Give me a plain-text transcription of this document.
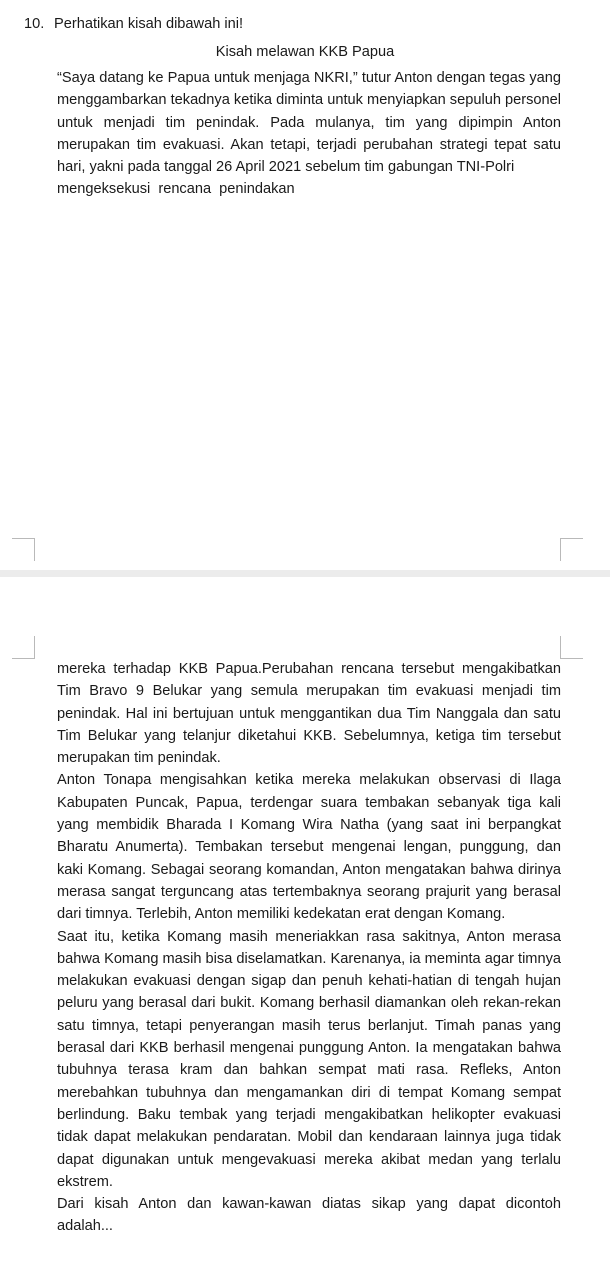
10. Perhatikan kisah dibawah ini!
Kisah melawan KKB Papua

“Saya datang ke Papua untuk menjaga NKRI,” tutur Anton dengan tegas yang menggambarkan tekadnya ketika diminta untuk menyiapkan sepuluh personel untuk menjadi tim penindak. Pada mulanya, tim yang dipimpin Anton merupakan tim evakuasi. Akan tetapi, terjadi perubahan strategi tepat satu hari, yakni pada tanggal 26 April 2021 sebelum tim gabungan TNI-Polri
mengeksekusi rencana penindakan

mereka terhadap KKB Papua.Perubahan rencana tersebut mengakibatkan Tim Bravo 9 Belukar yang semula merupakan tim evakuasi menjadi tim penindak. Hal ini bertujuan untuk menggantikan dua Tim Nanggala dan satu Tim Belukar yang telanjur diketahui KKB. Sebelumnya, ketiga tim tersebut merupakan tim penindak.

Anton Tonapa mengisahkan ketika mereka melakukan observasi di Ilaga Kabupaten Puncak, Papua, terdengar suara tembakan sebanyak tiga kali yang membidik Bharada I Komang Wira Natha (yang saat ini berpangkat Bharatu Anumerta). Tembakan tersebut mengenai lengan, punggung, dan kaki Komang. Sebagai seorang komandan, Anton mengatakan bahwa dirinya merasa sangat terguncang atas tertembaknya seorang prajurit yang berasal dari timnya. Terlebih, Anton memiliki kedekatan erat dengan Komang.

Saat itu, ketika Komang masih meneriakkan rasa sakitnya, Anton merasa bahwa Komang masih bisa diselamatkan. Karenanya, ia meminta agar timnya melakukan evakuasi dengan sigap dan penuh kehati-hatian di tengah hujan peluru yang berasal dari bukit. Komang berhasil diamankan oleh rekan-rekan satu timnya, tetapi penyerangan masih terus berlanjut. Timah panas yang berasal dari KKB berhasil mengenai punggung Anton. Ia mengatakan bahwa tubuhnya terasa kram dan bahkan sempat mati rasa. Refleks, Anton merebahkan tubuhnya dan mengamankan diri di tempat Komang sempat berlindung. Baku tembak yang terjadi mengakibatkan helikopter evakuasi tidak dapat melakukan pendaratan. Mobil dan kendaraan lainnya juga tidak dapat digunakan untuk mengevakuasi mereka akibat medan yang terlalu ekstrem.

Dari kisah Anton dan kawan-kawan diatas sikap yang dapat dicontoh adalah...
